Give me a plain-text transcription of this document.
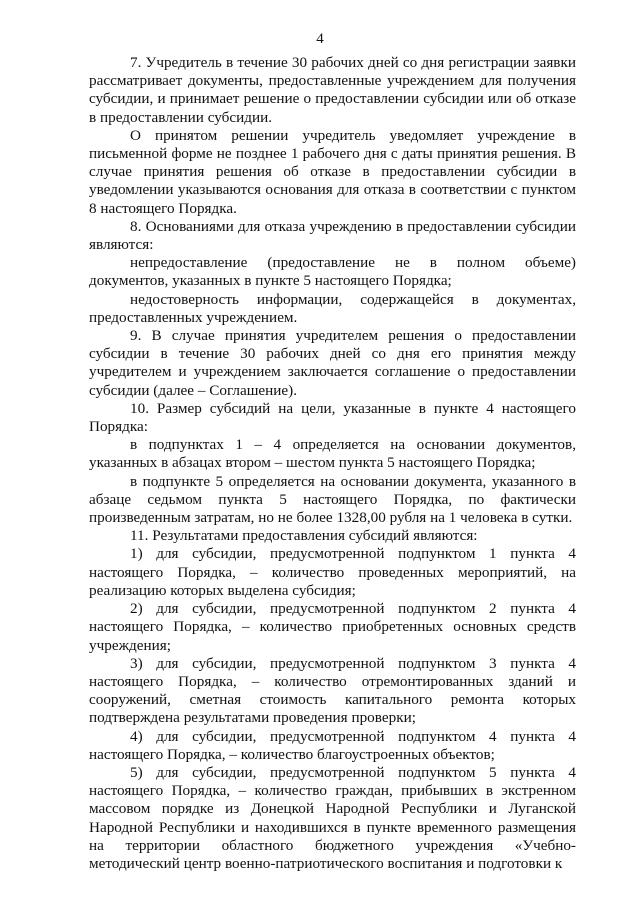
4

7. Учредитель в течение 30 рабочих дней со дня регистрации заявки рассматривает документы, предоставленные учреждением для получения субсидии, и принимает решение о предоставлении субсидии или об отказе в предоставлении субсидии.

О принятом решении учредитель уведомляет учреждение в письменной форме не позднее 1 рабочего дня с даты принятия решения. В случае принятия решения об отказе в предоставлении субсидии в уведомлении указываются основания для отказа в соответствии с пунктом 8 настоящего Порядка.

8. Основаниями для отказа учреждению в предоставлении субсидии являются:

непредоставление (предоставление не в полном объеме) документов, указанных в пункте 5 настоящего Порядка;

недостоверность информации, содержащейся в документах, предоставленных учреждением.

9. В случае принятия учредителем решения о предоставлении субсидии в течение 30 рабочих дней со дня его принятия между учредителем и учреждением заключается соглашение о предоставлении субсидии (далее – Соглашение).

10. Размер субсидий на цели, указанные в пункте 4 настоящего Порядка:

в подпунктах 1 – 4 определяется на основании документов, указанных в абзацах втором – шестом пункта 5 настоящего Порядка;

в подпункте 5 определяется на основании документа, указанного в абзаце седьмом пункта 5 настоящего Порядка, по фактически произведенным затратам, но не более 1328,00 рубля на 1 человека в сутки.

11. Результатами предоставления субсидий являются:

1) для субсидии, предусмотренной подпунктом 1 пункта 4 настоящего Порядка, – количество проведенных мероприятий, на реализацию которых выделена субсидия;

2) для субсидии, предусмотренной подпунктом 2 пункта 4 настоящего Порядка, – количество приобретенных основных средств учреждения;

3) для субсидии, предусмотренной подпунктом 3 пункта 4 настоящего Порядка, – количество отремонтированных зданий и сооружений, сметная стоимость капитального ремонта которых подтверждена результатами проведения проверки;

4) для субсидии, предусмотренной подпунктом 4 пункта 4 настоящего Порядка, – количество благоустроенных объектов;

5) для субсидии, предусмотренной подпунктом 5 пункта 4 настоящего Порядка, – количество граждан, прибывших в экстренном массовом порядке из Донецкой Народной Республики и Луганской Народной Республики и находившихся в пункте временного размещения на территории областного бюджетного учреждения «Учебно-методический центр военно-патриотического воспитания и подготовки к
